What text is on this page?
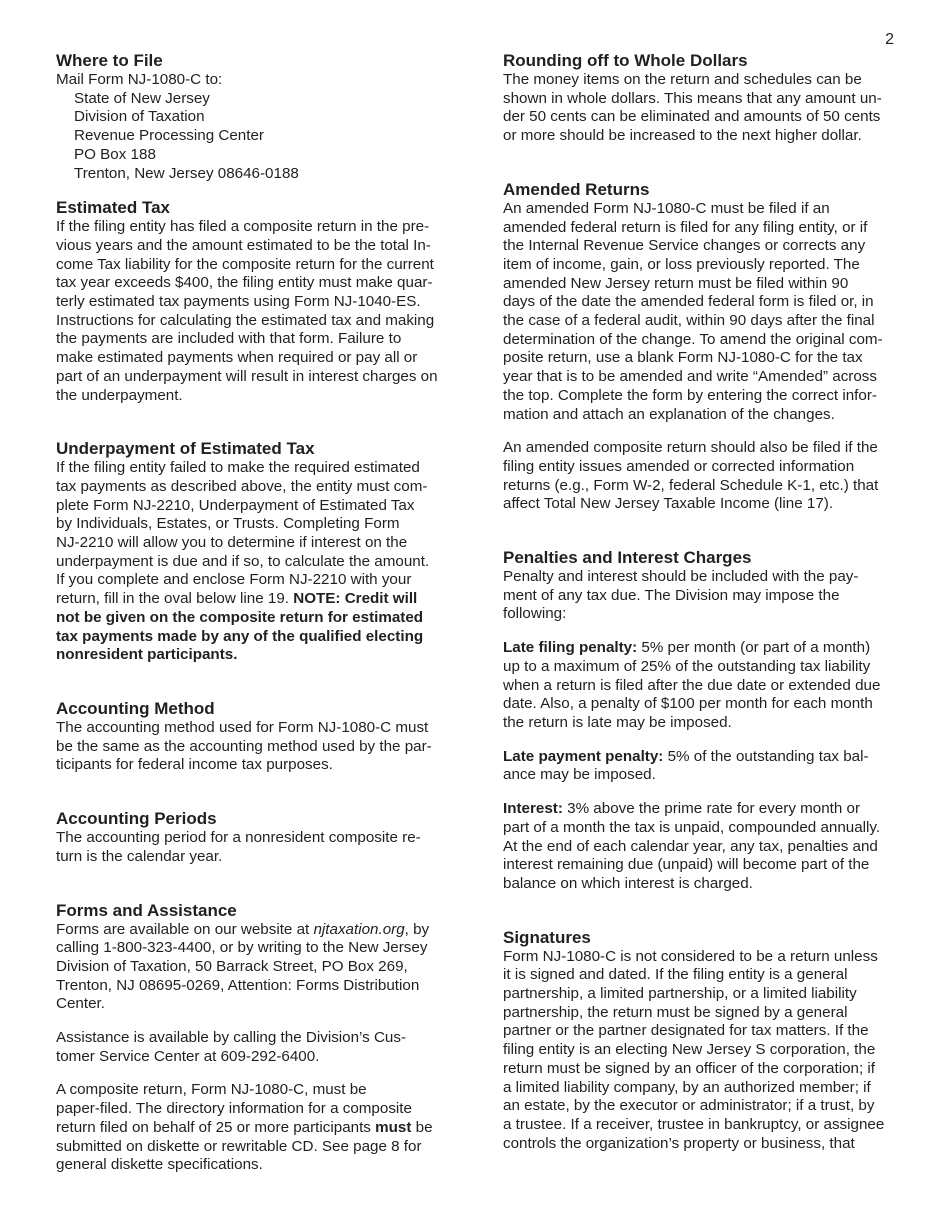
2
Where to File

Mail Form NJ-1080-C to:

State of New Jersey
Division of Taxation
Revenue Processing Center
PO Box 188
Trenton, New Jersey 08646-0188
Estimated Tax

If the filing entity has filed a composite return in the pre-
vious years and the amount estimated to be the total In-
come Tax liability for the composite return for the current
tax year exceeds $400, the filing entity must make quar-
terly estimated tax payments using Form NJ-1040-ES.
Instructions for calculating the estimated tax and making
the payments are included with that form. Failure to
make estimated payments when required or pay all or
part of an underpayment will result in interest charges on
the underpayment.

Underpayment of Estimated Tax

If the filing entity failed to make the required estimated
tax payments as described above, the entity must com-
plete Form NJ-2210, Underpayment of Estimated Tax
by Individuals, Estates, or Trusts. Completing Form
NJ-2210 will allow you to determine if interest on the
underpayment is due and if so, to calculate the amount.
If you complete and enclose Form NJ-2210 with your
return, fill in the oval below line 19. NOTE: Credit will
not be given on the composite return for estimated
tax payments made by any of the qualified electing
nonresident participants.

Accounting Method

The accounting method used for Form NJ-1080-C must
be the same as the accounting method used by the par-
ticipants for federal income tax purposes.

Accounting Periods

The accounting period for a nonresident composite re-
turn is the calendar year.

Forms and Assistance

Forms are available on our website at njtaxation.org, by
calling 1-800-323-4400, or by writing to the New Jersey
Division of Taxation, 50 Barrack Street, PO Box 269,
Trenton, NJ 08695-0269, Attention: Forms Distribution
Center.

Assistance is available by calling the Division’s Cus-
tomer Service Center at 609-292-6400.

A composite return, Form NJ-1080-C, must be
paper-filed. The directory information for a composite
return filed on behalf of 25 or more participants must be
submitted on diskette or rewritable CD. See page 8 for
general diskette specifications.

Rounding off to Whole Dollars

The money items on the return and schedules can be
shown in whole dollars. This means that any amount un-
der 50 cents can be eliminated and amounts of 50 cents
or more should be increased to the next higher dollar.

Amended Returns

An amended Form NJ-1080-C must be filed if an
amended federal return is filed for any filing entity, or if
the Internal Revenue Service changes or corrects any
item of income, gain, or loss previously reported. The
amended New Jersey return must be filed within 90
days of the date the amended federal form is filed or, in
the case of a federal audit, within 90 days after the final
determination of the change. To amend the original com-
posite return, use a blank Form NJ-1080-C for the tax
year that is to be amended and write “Amended” across
the top. Complete the form by entering the correct infor-
mation and attach an explanation of the changes.

An amended composite return should also be filed if the
filing entity issues amended or corrected information
returns (e.g., Form W-2, federal Schedule K-1, etc.) that
affect Total New Jersey Taxable Income (line 17).

Penalties and Interest Charges

Penalty and interest should be included with the pay-
ment of any tax due. The Division may impose the
following:

Late filing penalty: 5% per month (or part of a month)
up to a maximum of 25% of the outstanding tax liability
when a return is filed after the due date or extended due
date. Also, a penalty of $100 per month for each month
the return is late may be imposed.

Late payment penalty: 5% of the outstanding tax bal-
ance may be imposed.

Interest: 3% above the prime rate for every month or
part of a month the tax is unpaid, compounded annually.
At the end of each calendar year, any tax, penalties and
interest remaining due (unpaid) will become part of the
balance on which interest is charged.

Signatures

Form NJ-1080-C is not considered to be a return unless
it is signed and dated. If the filing entity is a general
partnership, a limited partnership, or a limited liability
partnership, the return must be signed by a general
partner or the partner designated for tax matters. If the
filing entity is an electing New Jersey S corporation, the
return must be signed by an officer of the corporation; if
a limited liability company, by an authorized member; if
an estate, by the executor or administrator; if a trust, by
a trustee. If a receiver, trustee in bankruptcy, or assignee
controls the organization’s property or business, that
